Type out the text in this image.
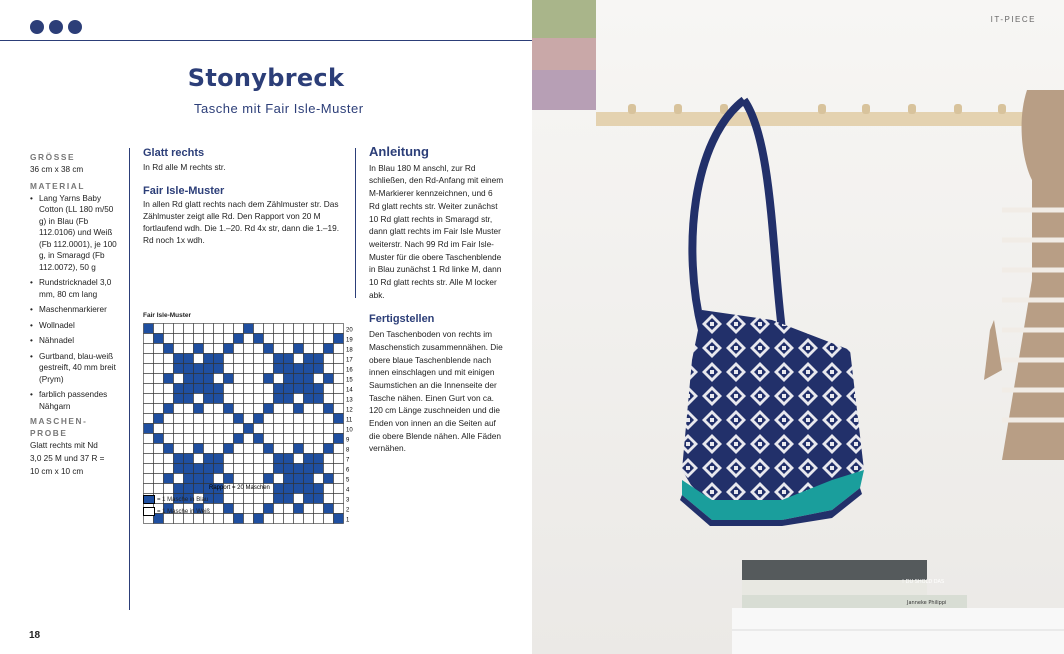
Stonybreck
Tasche mit Fair Isle-Muster
GRÖSSE
36 cm x 38 cm
MATERIAL
• Lang Yarns Baby Cotton (LL 180 m/50 g) in Blau (Fb 112.0106) und Weiß (Fb 112.0001), je 100 g, in Smaragd (Fb 112.0072), 50 g
• Rundstricknadel 3,0 mm, 80 cm lang
• Maschenmarkierer
• Wollnadel
• Nähnadel
• Gurtband, blau-weiß gestreift, 40 mm breit (Prym)
• farblich passendes Nähgarn
MASCHEN-PROBE
Glatt rechts mit Nd 3,0 25 M und 37 R = 10 cm x 10 cm
Glatt rechts

In Rd alle M rechts str.

Fair Isle-Muster

In allen Rd glatt rechts nach dem Zählmuster str. Das Zählmuster zeigt alle Rd. Den Rapport von 20 M fortlaufend wdh. Die 1.–20. Rd 4x str, dann die 1.–19. Rd noch 1x wdh.

Fair Isle-Muster
20
19
18
17
16
15
14
13
12
11
10
9
8
7
6
5
4
3
2
1
Rapport = 20 Maschen
= 1 Masche in Blau
= 1 Masche in Weiß
Anleitung

In Blau 180 M anschl, zur Rd schließen, den Rd-Anfang mit einem M-Markierer kennzeichnen, und 6 Rd glatt rechts str. Weiter zunächst 10 Rd glatt rechts in Smaragd str, dann glatt rechts im Fair Isle Muster weiterstr. Nach 99 Rd im Fair Isle-Muster für die obere Taschenblende in Blau zunächst 1 Rd linke M, dann 10 Rd glatt rechts str. Alle M locker abk.

Fertigstellen

Den Taschenboden von rechts im Maschenstich zusammennähen. Die obere blaue Taschenblende nach innen einschlagen und mit einigen Saumstichen an die Innenseite der Tasche nähen. Einen Gurt von ca. 120 cm Länge zuschneiden und die Enden von innen an die Seiten auf die obere Blende nähen. Alle Fäden vernähen.

18
IT-PIECE
! DU SHOLD DAS
Janneke Philippi
